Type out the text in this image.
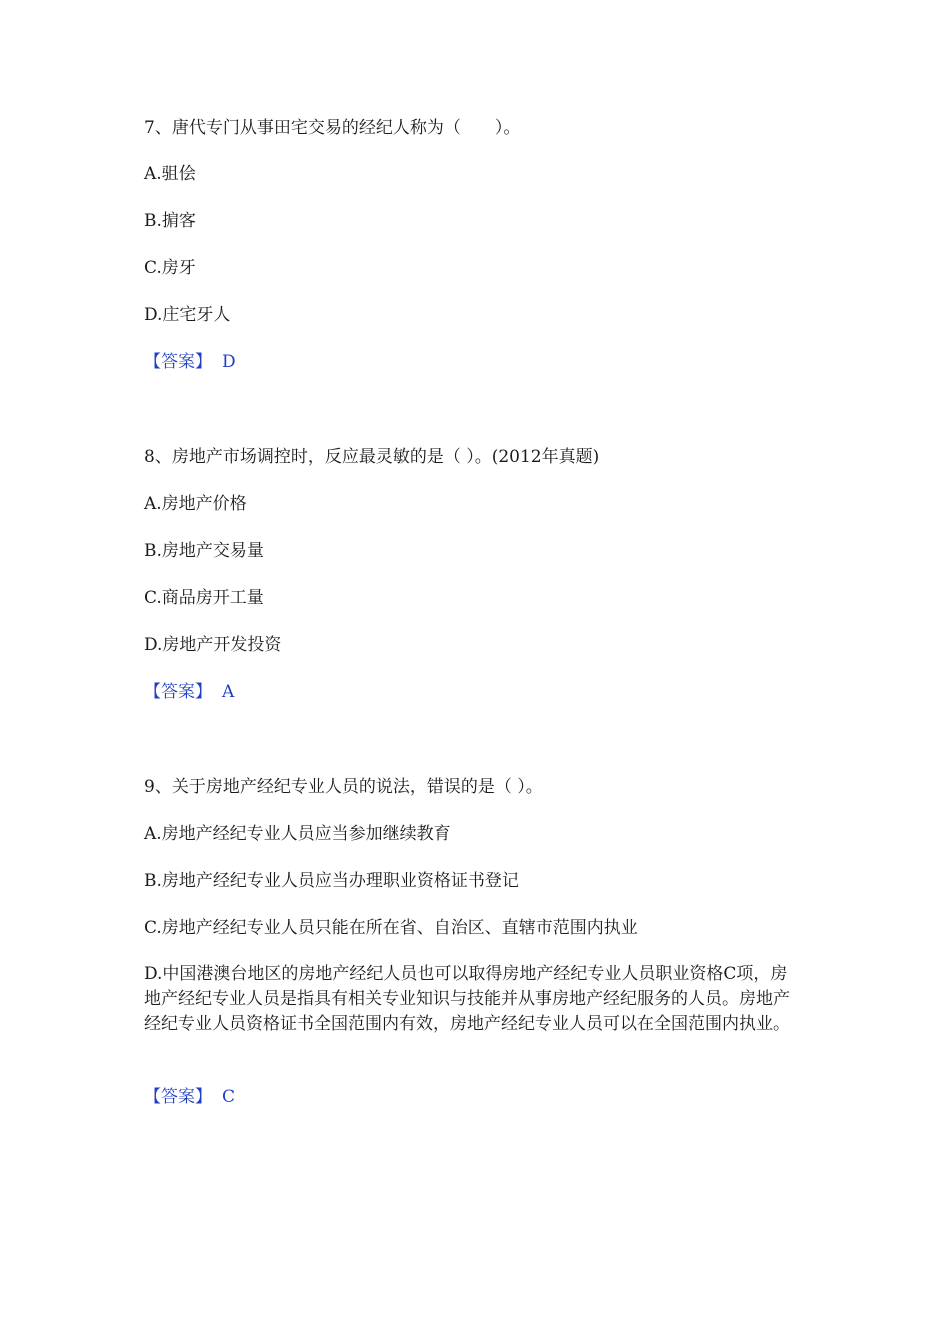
7、唐代专门从事田宅交易的经纪人称为（　　）。
A.驵侩
B.掮客
C.房牙
D.庄宅牙人
【答案】 D
8、房地产市场调控时，反应最灵敏的是（ ）。(2012年真题)
A.房地产价格
B.房地产交易量
C.商品房开工量
D.房地产开发投资
【答案】 A
9、关于房地产经纪专业人员的说法，错误的是（ ）。
A.房地产经纪专业人员应当参加继续教育
B.房地产经纪专业人员应当办理职业资格证书登记
C.房地产经纪专业人员只能在所在省、自治区、直辖市范围内执业
D.中国港澳台地区的房地产经纪人员也可以取得房地产经纪专业人员职业资格C项，房地产经纪专业人员是指具有相关专业知识与技能并从事房地产经纪服务的人员。房地产经纪专业人员资格证书全国范围内有效，房地产经纪专业人员可以在全国范围内执业。
【答案】 C
